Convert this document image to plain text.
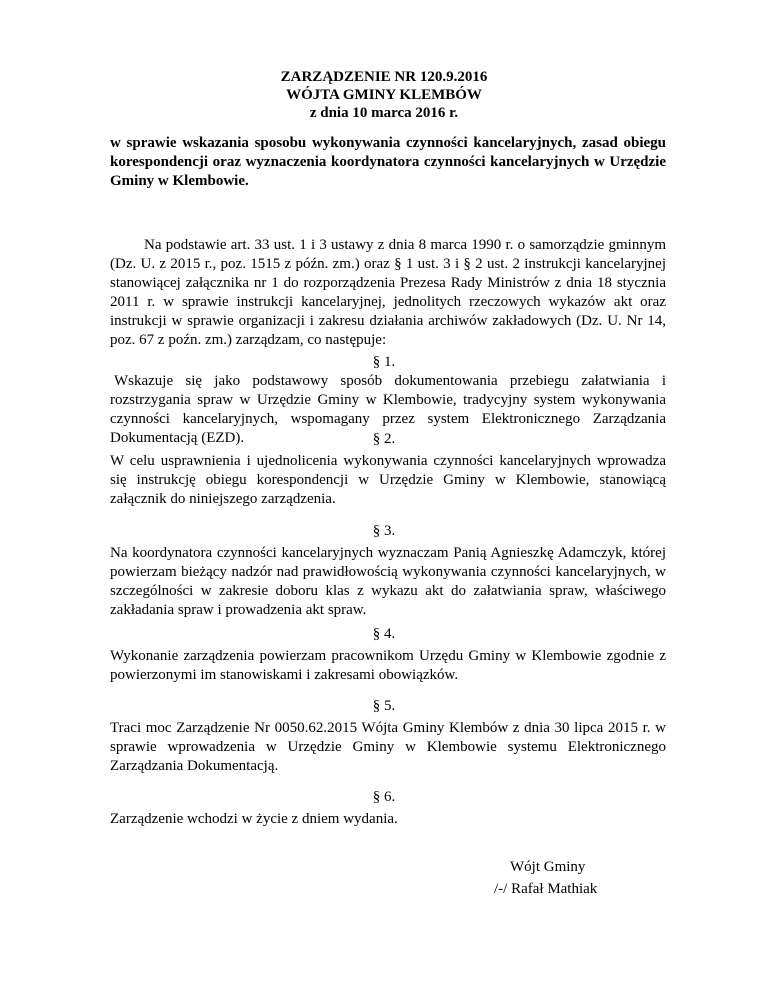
ZARZĄDZENIE NR 120.9.2016
WÓJTA GMINY KLEMBÓW
z dnia 10 marca 2016 r.
w sprawie wskazania sposobu wykonywania czynności kancelaryjnych, zasad obiegu korespondencji oraz wyznaczenia koordynatora czynności kancelaryjnych w Urzędzie Gminy w Klembowie.
Na podstawie art. 33 ust. 1 i 3 ustawy z dnia 8 marca 1990 r. o samorządzie gminnym (Dz. U. z 2015 r., poz. 1515 z późn. zm.) oraz § 1 ust. 3 i § 2 ust. 2 instrukcji kancelaryjnej stanowiącej załącznika nr 1 do rozporządzenia Prezesa Rady Ministrów z dnia 18 stycznia 2011 r. w sprawie instrukcji kancelaryjnej, jednolitych rzeczowych wykazów akt oraz instrukcji w sprawie organizacji i zakresu działania archiwów zakładowych (Dz. U. Nr 14, poz. 67 z poźn. zm.) zarządzam, co następuje:
§ 1.
Wskazuje się jako podstawowy sposób dokumentowania przebiegu załatwiania i rozstrzygania spraw w Urzędzie Gminy w Klembowie, tradycyjny system wykonywania czynności kancelaryjnych, wspomagany przez system Elektronicznego Zarządzania Dokumentacją (EZD).	§ 2.
W celu usprawnienia i ujednolicenia wykonywania czynności kancelaryjnych wprowadza się instrukcję obiegu korespondencji w Urzędzie Gminy w Klembowie, stanowiącą załącznik do niniejszego zarządzenia.
§ 3.
Na koordynatora czynności kancelaryjnych wyznaczam Panią Agnieszkę Adamczyk, której powierzam bieżący nadzór nad prawidłowością wykonywania czynności kancelaryjnych, w szczególności w zakresie doboru klas z wykazu akt do załatwiania spraw, właściwego zakładania spraw i prowadzenia akt spraw.
§ 4.
Wykonanie zarządzenia powierzam pracownikom Urzędu Gminy w Klembowie zgodnie z powierzonymi im stanowiskami i zakresami obowiązków.
§ 5.
Traci moc Zarządzenie Nr 0050.62.2015 Wójta Gminy Klembów z dnia 30 lipca 2015 r. w sprawie wprowadzenia w Urzędzie Gminy w Klembowie systemu Elektronicznego Zarządzania Dokumentacją.
§ 6.
Zarządzenie wchodzi w życie z dniem wydania.
Wójt Gminy
/-/ Rafał Mathiak
